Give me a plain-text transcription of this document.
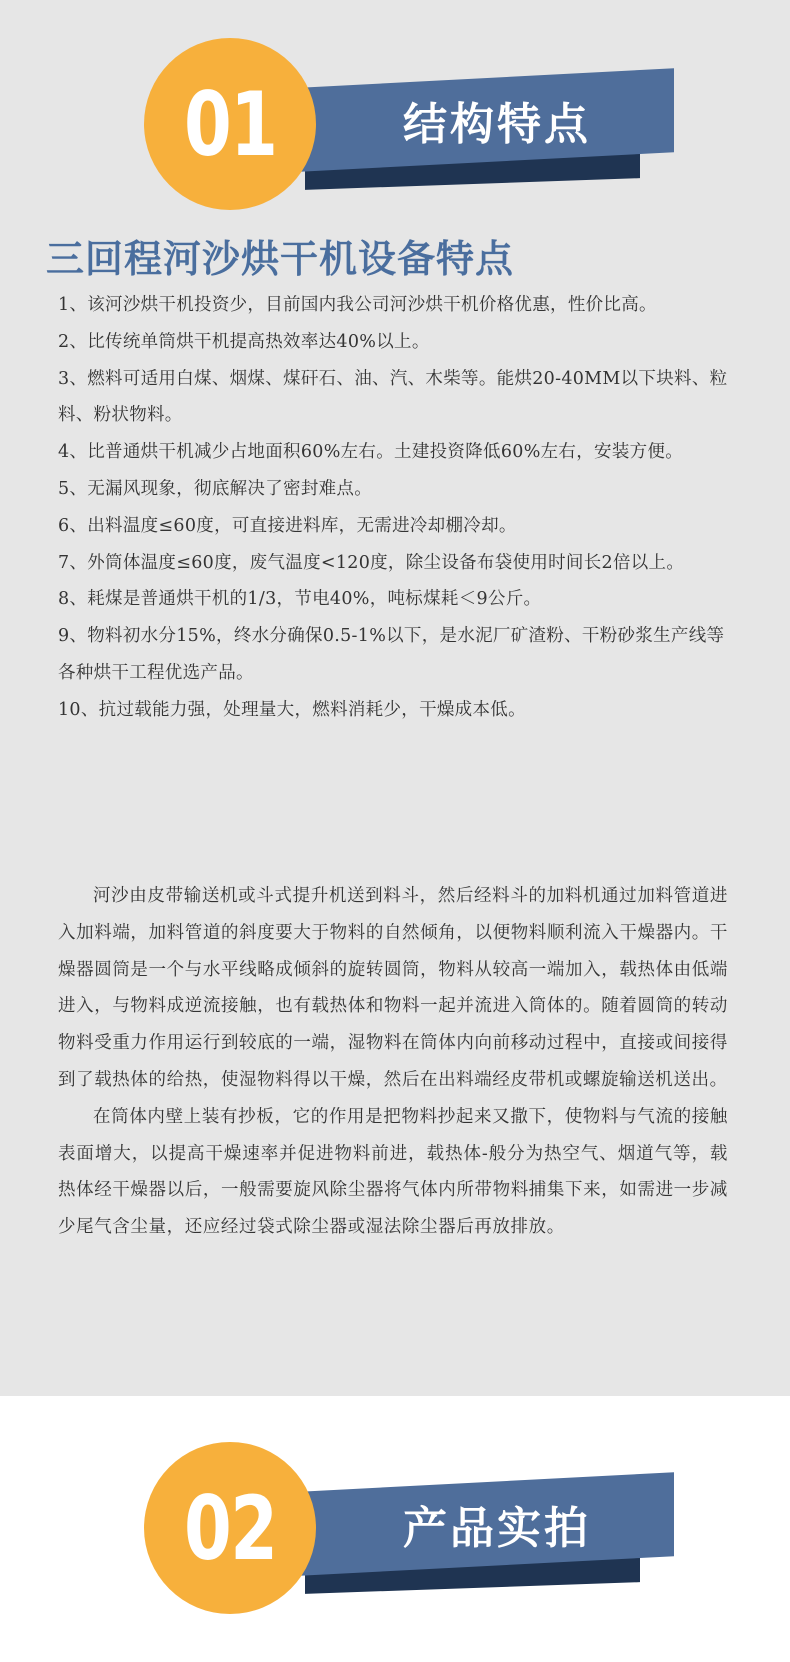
结构特点
01
三回程河沙烘干机设备特点
1、该河沙烘干机投资少，目前国内我公司河沙烘干机价格优惠，性价比高。
2、比传统单筒烘干机提高热效率达40%以上。
3、燃料可适用白煤、烟煤、煤矸石、油、汽、木柴等。能烘20-40MM以下块料、粒料、粉状物料。
4、比普通烘干机减少占地面积60%左右。土建投资降低60%左右，安装方便。
5、无漏风现象，彻底解决了密封难点。
6、出料温度≤60度，可直接进料库，无需进冷却棚冷却。
7、外筒体温度≤60度，废气温度<120度，除尘设备布袋使用时间长2倍以上。
8、耗煤是普通烘干机的1/3，节电40%，吨标煤耗＜9公斤。
9、物料初水分15%，终水分确保0.5-1%以下，是水泥厂矿渣粉、干粉砂浆生产线等各种烘干工程优选产品。
10、抗过载能力强，处理量大，燃料消耗少，干燥成本低。

河沙由皮带输送机或斗式提升机送到料斗，然后经料斗的加料机通过加料管道进入加料端，加料管道的斜度要大于物料的自然倾角，以便物料顺利流入干燥器内。干燥器圆筒是一个与水平线略成倾斜的旋转圆筒，物料从较高一端加入，载热体由低端进入，与物料成逆流接触，也有载热体和物料一起并流进入筒体的。随着圆筒的转动物料受重力作用运行到较底的一端，湿物料在筒体内向前移动过程中，直接或间接得到了载热体的给热，使湿物料得以干燥，然后在出料端经皮带机或螺旋输送机送出。

在筒体内壁上装有抄板，它的作用是把物料抄起来又撒下，使物料与气流的接触表面增大，以提高干燥速率并促进物料前进，载热体-般分为热空气、烟道气等，载热体经干燥器以后，一般需要旋风除尘器将气体内所带物料捕集下来，如需进一步减少尾气含尘量，还应经过袋式除尘器或湿法除尘器后再放排放。

产品实拍
02
